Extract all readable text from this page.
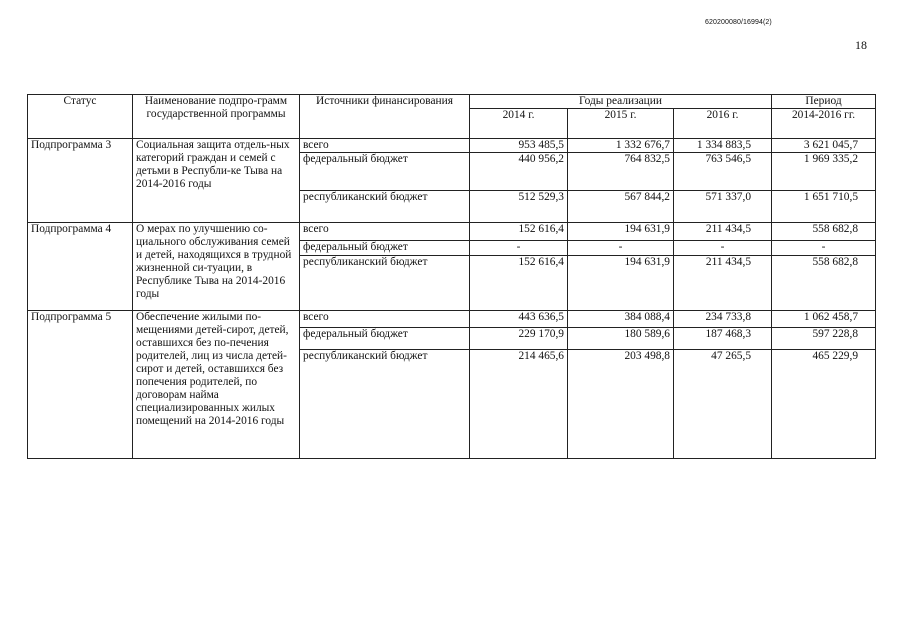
620200080/16994(2)
18
Статус	Наименование подпро-грамм государственной программы	Источники финансирования	Годы реализации			Период
			2014 г.	2015 г.	2016 г.	2014-2016 гг.
Подпрограмма 3	Социальная защита отдель-ных категорий граждан и семей с детьми в Республи-ке Тыва на 2014-2016 годы	всего	953 485,5	1 332 676,7	1 334 883,5	3 621 045,7
		федеральный бюджет	440 956,2	764 832,5	763 546,5	1 969 335,2
		республиканский бюджет	512 529,3	567 844,2	571 337,0	1 651 710,5
Подпрограмма 4	О мерах по улучшению со-циального обслуживания семей и детей, находящихся в трудной жизненной си-туации, в Республике Тыва на 2014-2016 годы	всего	152 616,4	194 631,9	211 434,5	558 682,8
		федеральный бюджет	-	-	-	-
		республиканский бюджет	152 616,4	194 631,9	211 434,5	558 682,8
Подпрограмма 5	Обеспечение жилыми по-мещениями детей-сирот, детей, оставшихся без по-печения родителей, лиц из числа детей-сирот и детей, оставшихся без попечения родителей, по договорам найма специализированных жилых помещений на 2014-2016 годы	всего	443 636,5	384 088,4	234 733,8	1 062 458,7
		федеральный бюджет	229 170,9	180 589,6	187 468,3	597 228,8
		республиканский бюджет	214 465,6	203 498,8	47 265,5	465 229,9
